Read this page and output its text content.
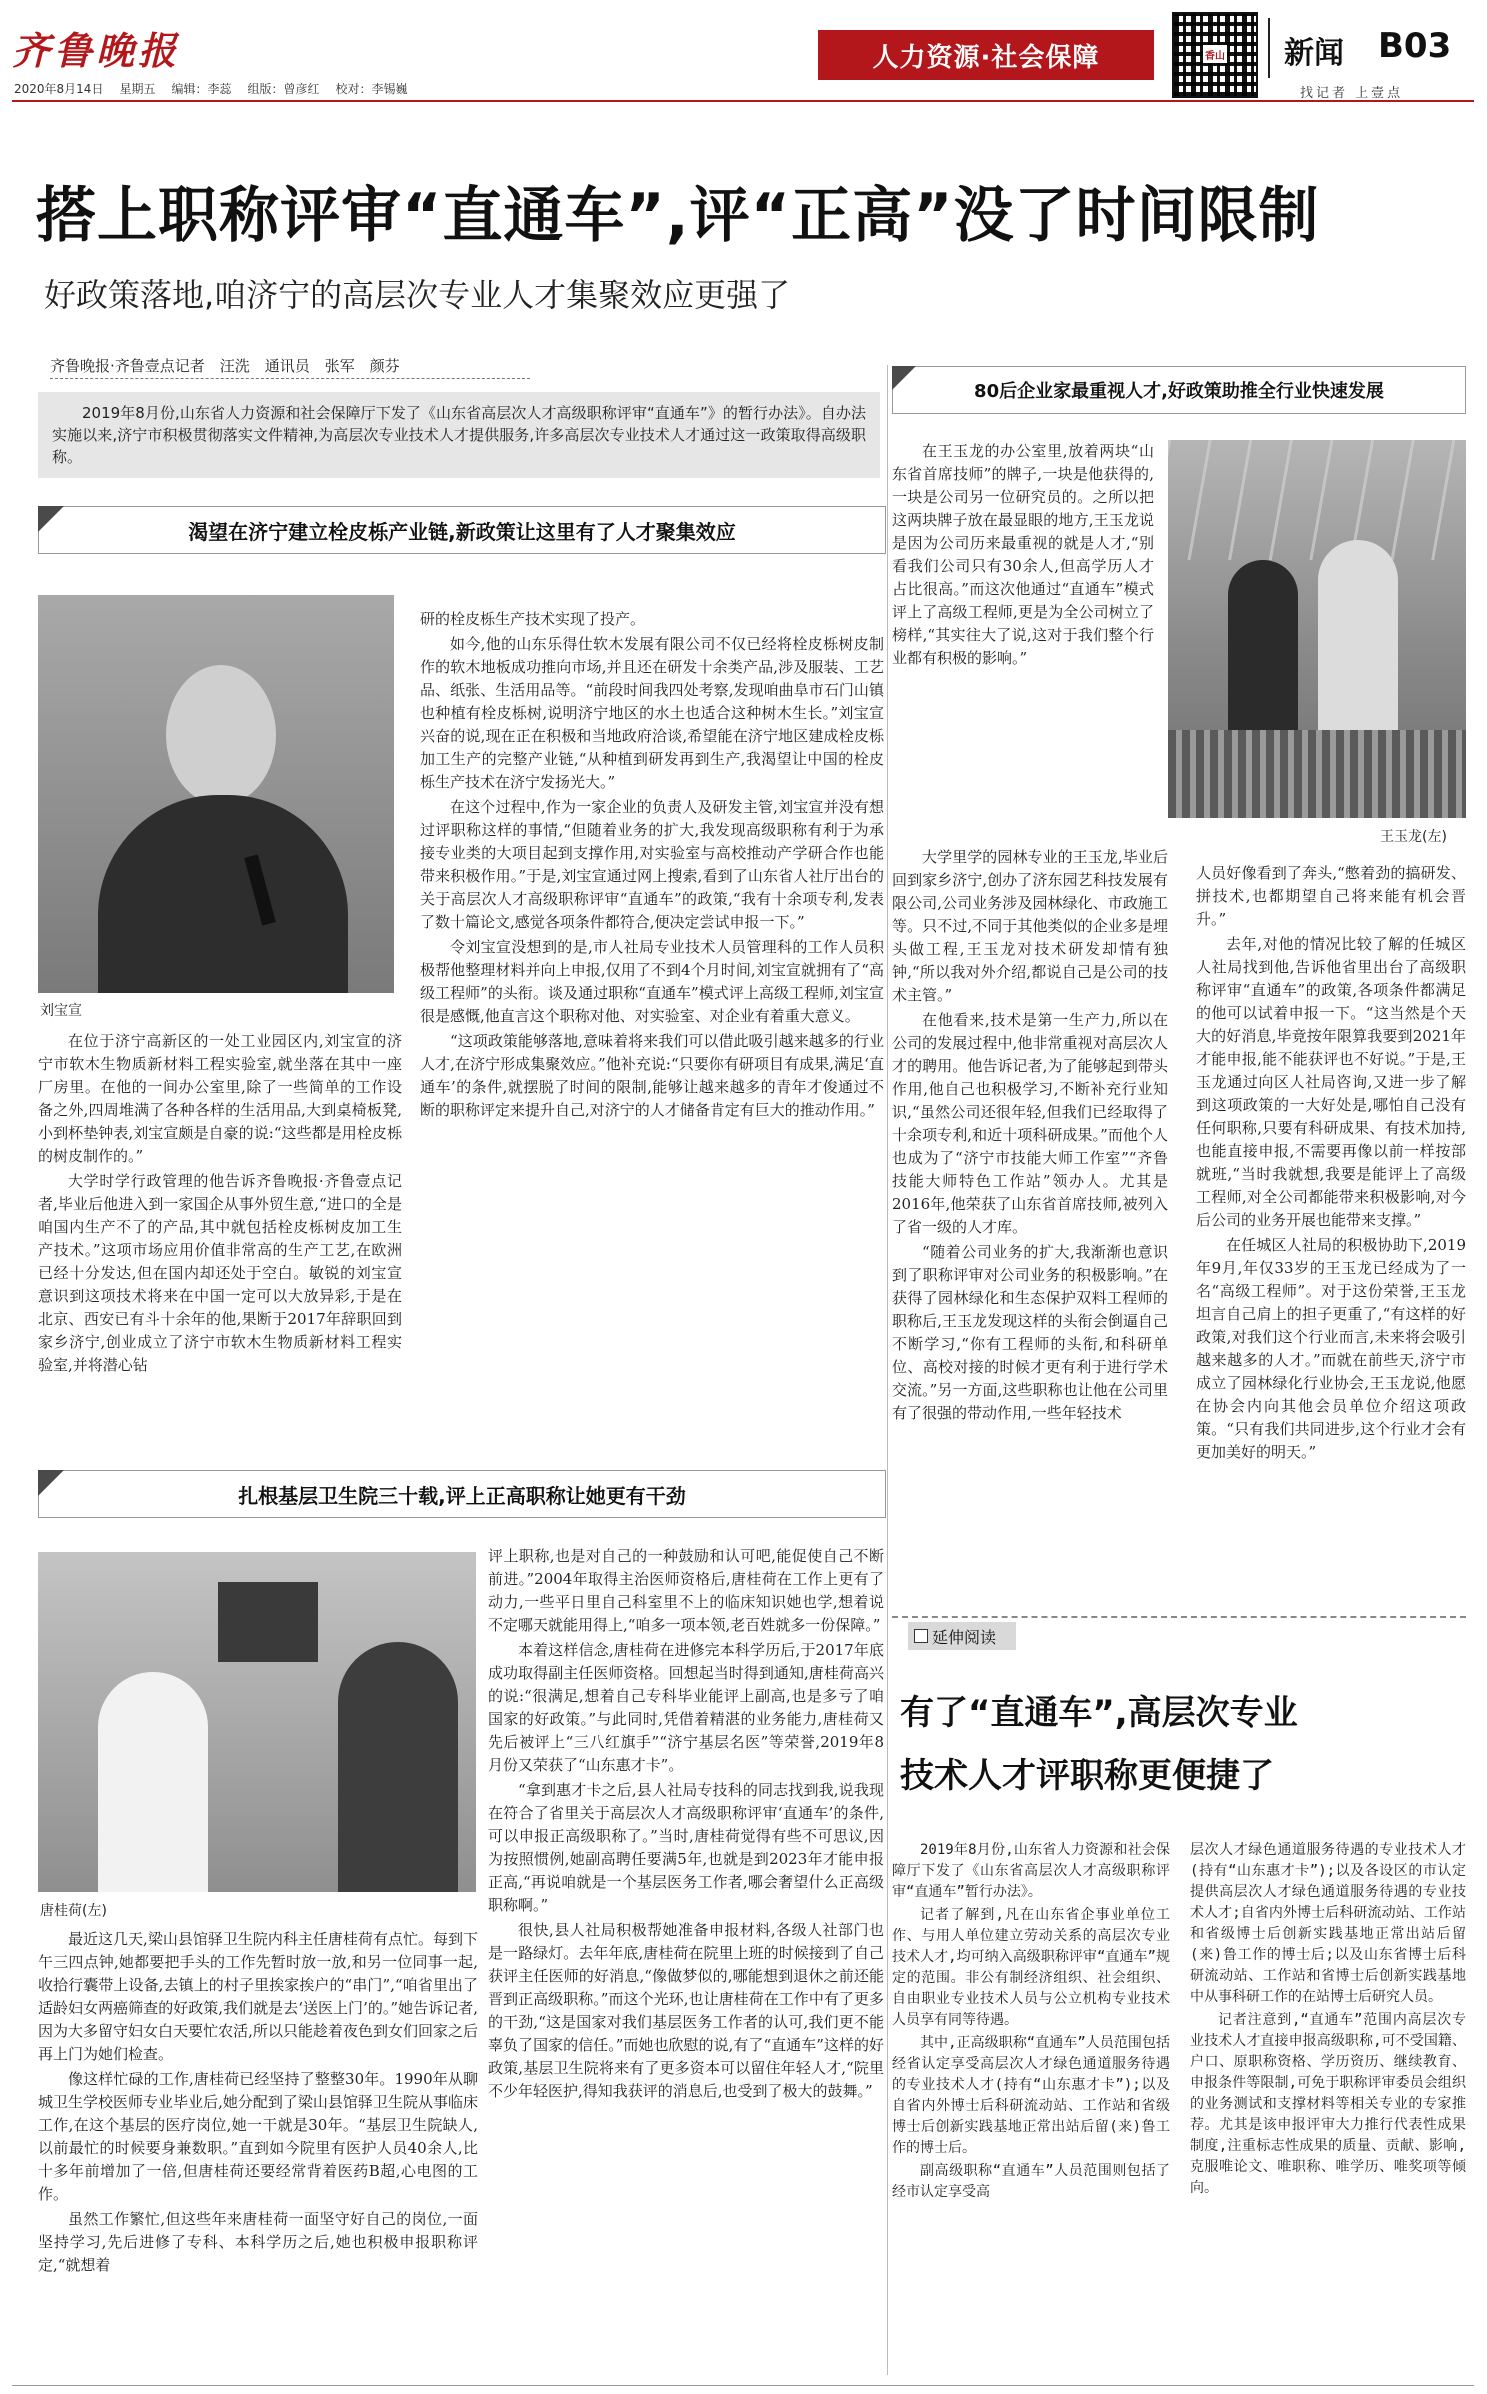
齐鲁晚报
2020年8月14日 星期五 编辑：李蕊 组版：曾彦红 校对：李锡巍
人力资源·社会保障	香山 新闻 B03
找记者 上壹点
搭上职称评审“直通车”,评“正高”没了时间限制
好政策落地,咱济宁的高层次专业人才集聚效应更强了
齐鲁晚报·齐鲁壹点记者　汪洗　通讯员　张军　颜芬

2019年8月份,山东省人力资源和社会保障厅下发了《山东省高层次人才高级职称评审“直通车”》的暂行办法》。自办法实施以来,济宁市积极贯彻落实文件精神,为高层次专业技术人才提供服务,许多高层次专业技术人才通过这一政策取得高级职称。

渴望在济宁建立栓皮栎产业链,新政策让这里有了人才聚集效应
刘宝宣

在位于济宁高新区的一处工业园区内,刘宝宣的济宁市软木生物质新材料工程实验室,就坐落在其中一座厂房里。在他的一间办公室里,除了一些简单的工作设备之外,四周堆满了各种各样的生活用品,大到桌椅板凳,小到杯垫钟表,刘宝宣颇是自豪的说:“这些都是用栓皮栎的树皮制作的。”

大学时学行政管理的他告诉齐鲁晚报·齐鲁壹点记者,毕业后他进入到一家国企从事外贸生意,“进口的全是咱国内生产不了的产品,其中就包括栓皮栎树皮加工生产技术。”这项市场应用价值非常高的生产工艺,在欧洲已经十分发达,但在国内却还处于空白。敏锐的刘宝宣意识到这项技术将来在中国一定可以大放异彩,于是在北京、西安已有斗十余年的他,果断于2017年辞职回到家乡济宁,创业成立了济宁市软木生物质新材料工程实验室,并将潜心钻

研的栓皮栎生产技术实现了投产。

如今,他的山东乐得仕软木发展有限公司不仅已经将栓皮栎树皮制作的软木地板成功推向市场,并且还在研发十余类产品,涉及服装、工艺品、纸张、生活用品等。“前段时间我四处考察,发现咱曲阜市石门山镇也种植有栓皮栎树,说明济宁地区的水土也适合这种树木生长。”刘宝宣兴奋的说,现在正在积极和当地政府洽谈,希望能在济宁地区建成栓皮栎加工生产的完整产业链,“从种植到研发再到生产,我渴望让中国的栓皮栎生产技术在济宁发扬光大。”

在这个过程中,作为一家企业的负责人及研发主管,刘宝宣并没有想过评职称这样的事情,“但随着业务的扩大,我发现高级职称有利于为承接专业类的大项目起到支撑作用,对实验室与高校推动产学研合作也能带来积极作用。”于是,刘宝宣通过网上搜索,看到了山东省人社厅出台的关于高层次人才高级职称评审“直通车”的政策,“我有十余项专利,发表了数十篇论文,感觉各项条件都符合,便决定尝试申报一下。”

令刘宝宣没想到的是,市人社局专业技术人员管理科的工作人员积极帮他整理材料并向上申报,仅用了不到4个月时间,刘宝宣就拥有了“高级工程师”的头衔。谈及通过职称“直通车”模式评上高级工程师,刘宝宣很是感慨,他直言这个职称对他、对实验室、对企业有着重大意义。

“这项政策能够落地,意味着将来我们可以借此吸引越来越多的行业人才,在济宁形成集聚效应。”他补充说:“只要你有研项目有成果,满足‘直通车’的条件,就摆脱了时间的限制,能够让越来越多的青年才俊通过不断的职称评定来提升自己,对济宁的人才储备肯定有巨大的推动作用。”

80后企业家最重视人才,好政策助推全行业快速发展
王玉龙(左)

在王玉龙的办公室里,放着两块“山东省首席技师”的牌子,一块是他获得的,一块是公司另一位研究员的。之所以把这两块牌子放在最显眼的地方,王玉龙说是因为公司历来最重视的就是人才,“别看我们公司只有30余人,但高学历人才占比很高。”而这次他通过“直通车”模式评上了高级工程师,更是为全公司树立了榜样,“其实往大了说,这对于我们整个行业都有积极的影响。”

大学里学的园林专业的王玉龙,毕业后回到家乡济宁,创办了济东园艺科技发展有限公司,公司业务涉及园林绿化、市政施工等。只不过,不同于其他类似的企业多是埋头做工程,王玉龙对技术研发却情有独钟,“所以我对外介绍,都说自己是公司的技术主管。”

在他看来,技术是第一生产力,所以在公司的发展过程中,他非常重视对高层次人才的聘用。他告诉记者,为了能够起到带头作用,他自己也积极学习,不断补充行业知识,“虽然公司还很年轻,但我们已经取得了十余项专利,和近十项科研成果。”而他个人也成为了“济宁市技能大师工作室”“齐鲁技能大师特色工作站”领办人。尤其是2016年,他荣获了山东省首席技师,被列入了省一级的人才库。

“随着公司业务的扩大,我渐渐也意识到了职称评审对公司业务的积极影响。”在获得了园林绿化和生态保护双料工程师的职称后,王玉龙发现这样的头衔会倒逼自己不断学习,“你有工程师的头衔,和科研单位、高校对接的时候才更有利于进行学术交流。”另一方面,这些职称也让他在公司里有了很强的带动作用,一些年轻技术

人员好像看到了奔头,“憋着劲的搞研发、拼技术,也都期望自己将来能有机会晋升。”

去年,对他的情况比较了解的任城区人社局找到他,告诉他省里出台了高级职称评审“直通车”的政策,各项条件都满足的他可以试着申报一下。“这当然是个天大的好消息,毕竟按年限算我要到2021年才能申报,能不能获评也不好说。”于是,王玉龙通过向区人社局咨询,又进一步了解到这项政策的一大好处是,哪怕自己没有任何职称,只要有科研成果、有技术加持,也能直接申报,不需要再像以前一样按部就班,“当时我就想,我要是能评上了高级工程师,对全公司都能带来积极影响,对今后公司的业务开展也能带来支撑。”

在任城区人社局的积极协助下,2019年9月,年仅33岁的王玉龙已经成为了一名“高级工程师”。对于这份荣誉,王玉龙坦言自己肩上的担子更重了,“有这样的好政策,对我们这个行业而言,未来将会吸引越来越多的人才。”而就在前些天,济宁市成立了园林绿化行业协会,王玉龙说,他愿在协会内向其他会员单位介绍这项政策。“只有我们共同进步,这个行业才会有更加美好的明天。”

扎根基层卫生院三十载,评上正高职称让她更有干劲
唐桂荷(左)

最近这几天,梁山县馆驿卫生院内科主任唐桂荷有点忙。每到下午三四点钟,她都要把手头的工作先暂时放一放,和另一位同事一起,收拾行囊带上设备,去镇上的村子里挨家挨户的“串门”,“咱省里出了适龄妇女两癌筛查的好政策,我们就是去‘送医上门’的。”她告诉记者,因为大多留守妇女白天要忙农活,所以只能趁着夜色到女们回家之后再上门为她们检查。

像这样忙碌的工作,唐桂荷已经坚持了整整30年。1990年从聊城卫生学校医师专业毕业后,她分配到了梁山县馆驿卫生院从事临床工作,在这个基层的医疗岗位,她一干就是30年。“基层卫生院缺人,以前最忙的时候要身兼数职。”直到如今院里有医护人员40余人,比十多年前增加了一倍,但唐桂荷还要经常背着医药B超,心电图的工作。

虽然工作繁忙,但这些年来唐桂荷一面坚守好自己的岗位,一面坚持学习,先后进修了专科、本科学历之后,她也积极申报职称评定,“就想着

评上职称,也是对自己的一种鼓励和认可吧,能促使自己不断前进。”2004年取得主治医师资格后,唐桂荷在工作上更有了动力,一些平日里自己科室里不上的临床知识她也学,想着说不定哪天就能用得上,“咱多一项本领,老百姓就多一份保障。”

本着这样信念,唐桂荷在进修完本科学历后,于2017年底成功取得副主任医师资格。回想起当时得到通知,唐桂荷高兴的说:“很满足,想着自己专科毕业能评上副高,也是多亏了咱国家的好政策。”与此同时,凭借着精湛的业务能力,唐桂荷又先后被评上“三八红旗手”“济宁基层名医”等荣誉,2019年8月份又荣获了“山东惠才卡”。

“拿到惠才卡之后,县人社局专技科的同志找到我,说我现在符合了省里关于高层次人才高级职称评审‘直通车’的条件,可以申报正高级职称了。”当时,唐桂荷觉得有些不可思议,因为按照惯例,她副高聘任要满5年,也就是到2023年才能申报正高,“再说咱就是一个基层医务工作者,哪会奢望什么正高级职称啊。”

很快,县人社局积极帮她准备申报材料,各级人社部门也是一路绿灯。去年年底,唐桂荷在院里上班的时候接到了自己获评主任医师的好消息,“像做梦似的,哪能想到退休之前还能晋到正高级职称。”而这个光环,也让唐桂荷在工作中有了更多的干劲,“这是国家对我们基层医务工作者的认可,我们更不能辜负了国家的信任。”而她也欣慰的说,有了“直通车”这样的好政策,基层卫生院将来有了更多资本可以留住年轻人才,“院里不少年轻医护,得知我获评的消息后,也受到了极大的鼓舞。”

延伸阅读
有了“直通车”,高层次专业
技术人才评职称更便捷了

2019年8月份,山东省人力资源和社会保障厅下发了《山东省高层次人才高级职称评审“直通车”暂行办法》。

记者了解到,凡在山东省企事业单位工作、与用人单位建立劳动关系的高层次专业技术人才,均可纳入高级职称评审“直通车”规定的范围。非公有制经济组织、社会组织、自由职业专业技术人员与公立机构专业技术人员享有同等待遇。

其中,正高级职称“直通车”人员范围包括经省认定享受高层次人才绿色通道服务待遇的专业技术人才(持有“山东惠才卡”);以及自省内外博士后科研流动站、工作站和省级博士后创新实践基地正常出站后留(来)鲁工作的博士后。

副高级职称“直通车”人员范围则包括了经市认定享受高

层次人才绿色通道服务待遇的专业技术人才(持有“山东惠才卡”);以及各设区的市认定提供高层次人才绿色通道服务待遇的专业技术人才;自省内外博士后科研流动站、工作站和省级博士后创新实践基地正常出站后留(来)鲁工作的博士后;以及山东省博士后科研流动站、工作站和省博士后创新实践基地中从事科研工作的在站博士后研究人员。

记者注意到,“直通车”范围内高层次专业技术人才直接申报高级职称,可不受国籍、户口、原职称资格、学历资历、继续教育、申报条件等限制,可免于职称评审委员会组织的业务测试和支撑材料等相关专业的专家推荐。尤其是该申报评审大力推行代表性成果制度,注重标志性成果的质量、贡献、影响,克服唯论文、唯职称、唯学历、唯奖项等倾向。
